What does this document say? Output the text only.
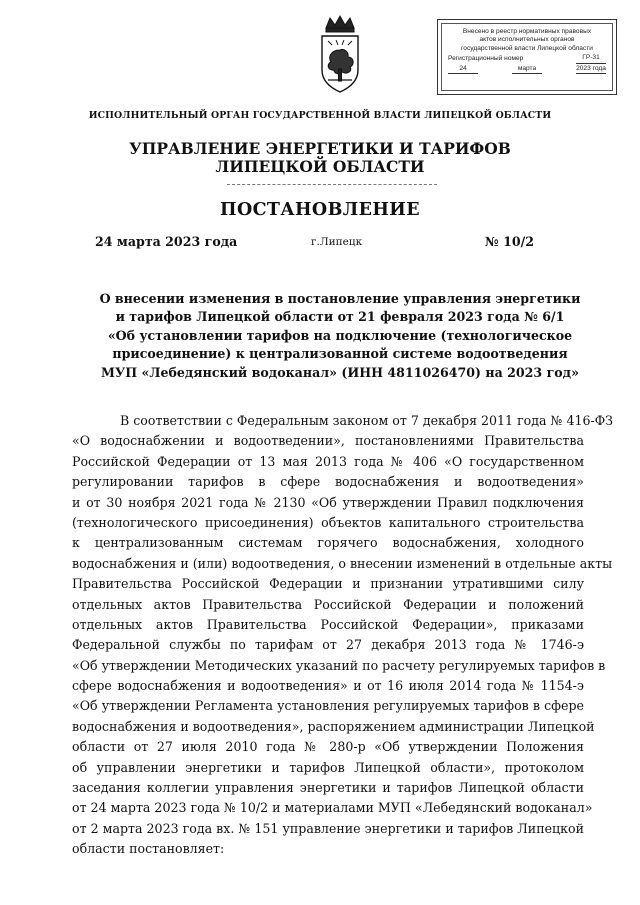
Внесено в реестр нормативных правовых
актов исполнительных органов
государственной власти Липецкой области
Регистрационный номер	ГР-31
24	марта	2023 года
ИСПОЛНИТЕЛЬНЫЙ ОРГАН ГОСУДАРСТВЕННОЙ ВЛАСТИ ЛИПЕЦКОЙ ОБЛАСТИ
УПРАВЛЕНИЕ ЭНЕРГЕТИКИ И ТАРИФОВ
ЛИПЕЦКОЙ ОБЛАСТИ
ПОСТАНОВЛЕНИЕ
24 марта 2023 года	г.Липецк	№ 10/2
О внесении изменения в постановление управления энергетики
и тарифов Липецкой области от 21 февраля 2023 года № 6/1
«Об установлении тарифов на подключение (технологическое
присоединение) к централизованной системе водоотведения
МУП «Лебедянский водоканал» (ИНН 4811026470) на 2023 год»
В соответствии с Федеральным законом от 7 декабря 2011 года № 416-ФЗ
«О водоснабжении и водоотведении», постановлениями Правительства
Российской Федерации от 13 мая 2013 года № 406 «О государственном
регулировании тарифов в сфере водоснабжения и водоотведения»
и от 30 ноября 2021 года № 2130 «Об утверждении Правил подключения
(технологического присоединения) объектов капитального строительства
к централизованным системам горячего водоснабжения, холодного
водоснабжения и (или) водоотведения, о внесении изменений в отдельные акты
Правительства Российской Федерации и признании утратившими силу
отдельных актов Правительства Российской Федерации и положений
отдельных актов Правительства Российской Федерации», приказами
Федеральной службы по тарифам от 27 декабря 2013 года № 1746-э
«Об утверждении Методических указаний по расчету регулируемых тарифов в
сфере водоснабжения и водоотведения» и от 16 июля 2014 года № 1154-э
«Об утверждении Регламента установления регулируемых тарифов в сфере
водоснабжения и водоотведения», распоряжением администрации Липецкой
области от 27 июля 2010 года № 280-р «Об утверждении Положения
об управлении энергетики и тарифов Липецкой области», протоколом
заседания коллегии управления энергетики и тарифов Липецкой области
от 24 марта 2023 года № 10/2 и материалами МУП «Лебедянский водоканал»
от 2 марта 2023 года вх. № 151 управление энергетики и тарифов Липецкой
области постановляет:
